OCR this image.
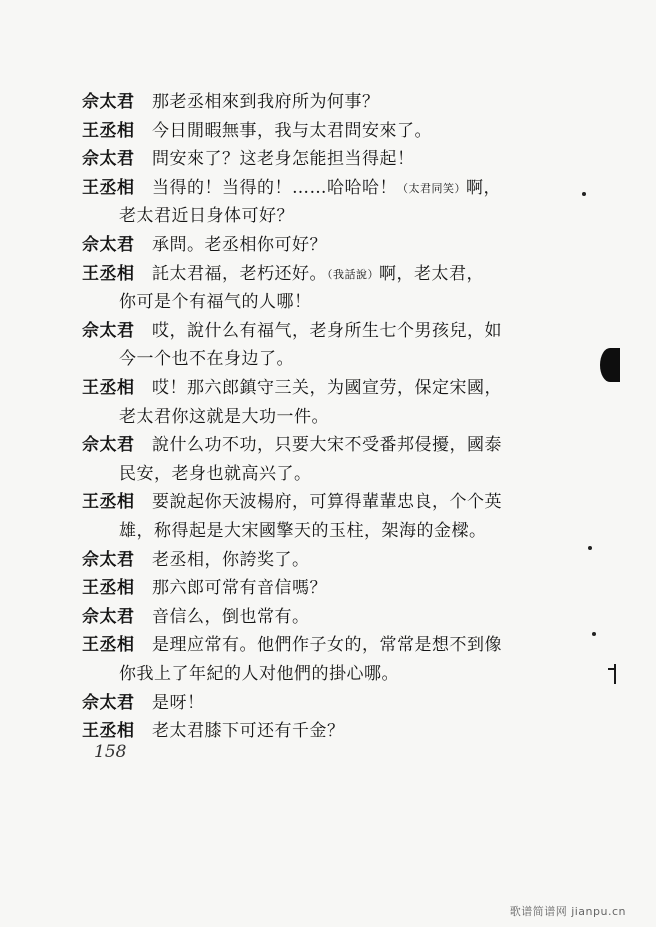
佘太君 那老丞相來到我府所为何事？
王丞相 今日閒暇無事，我与太君問安來了。
佘太君 問安來了？这老身怎能担当得起！
王丞相 当得的！当得的！……哈哈哈！（太君同笑）啊，
老太君近日身体可好？
佘太君 承問。老丞相你可好？
王丞相 託太君福，老朽还好。（我話說）啊，老太君，
你可是个有福气的人哪！
佘太君 哎，說什么有福气，老身所生七个男孩兒，如
今一个也不在身边了。
王丞相 哎！那六郎鎮守三关，为國宣劳，保定宋國，
老太君你这就是大功一件。
佘太君 說什么功不功，只要大宋不受番邦侵擾，國泰
民安，老身也就高兴了。
王丞相 要說起你天波楊府，可算得輩輩忠良，个个英
雄，称得起是大宋國擎天的玉柱，架海的金樑。
佘太君 老丞相，你誇奖了。
王丞相 那六郎可常有音信嗎？
佘太君 音信么，倒也常有。
王丞相 是理应常有。他們作子女的，常常是想不到像
你我上了年紀的人对他們的掛心哪。
佘太君 是呀！
王丞相 老太君膝下可还有千金？
158
歌谱简谱网 jianpu.cn
